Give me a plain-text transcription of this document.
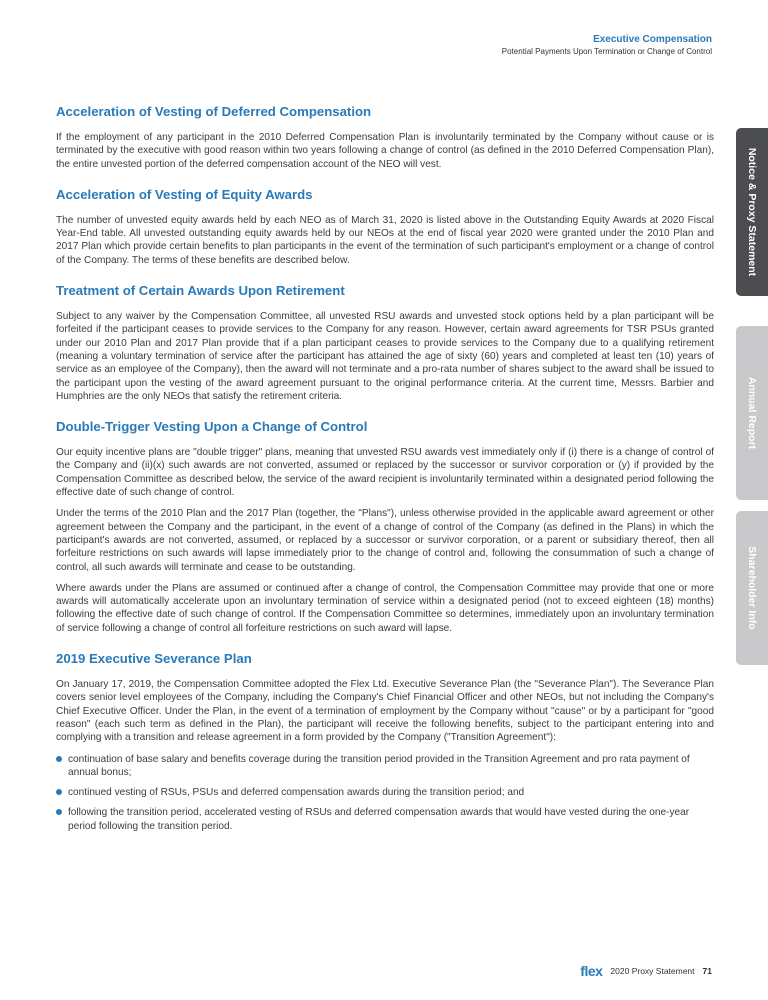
Executive Compensation
Potential Payments Upon Termination or Change of Control
Acceleration of Vesting of Deferred Compensation

If the employment of any participant in the 2010 Deferred Compensation Plan is involuntarily terminated by the Company without cause or is terminated by the executive with good reason within two years following a change of control (as defined in the 2010 Deferred Compensation Plan), the entire unvested portion of the deferred compensation account of the NEO will vest.

Acceleration of Vesting of Equity Awards

The number of unvested equity awards held by each NEO as of March 31, 2020 is listed above in the Outstanding Equity Awards at 2020 Fiscal Year-End table. All unvested outstanding equity awards held by our NEOs at the end of fiscal year 2020 were granted under the 2010 Plan and 2017 Plan which provide certain benefits to plan participants in the event of the termination of such participant's employment or a change of control of the Company. The terms of these benefits are described below.

Treatment of Certain Awards Upon Retirement

Subject to any waiver by the Compensation Committee, all unvested RSU awards and unvested stock options held by a plan participant will be forfeited if the participant ceases to provide services to the Company for any reason. However, certain award agreements for TSR PSUs granted under our 2010 Plan and 2017 Plan provide that if a plan participant ceases to provide services to the Company due to a qualifying retirement (meaning a voluntary termination of service after the participant has attained the age of sixty (60) years and completed at least ten (10) years of service as an employee of the Company), then the award will not terminate and a pro-rata number of shares subject to the award shall be issued to the participant upon the vesting of the award agreement pursuant to the original performance criteria. At the current time, Messrs. Barbier and Humphries are the only NEOs that satisfy the retirement criteria.

Double-Trigger Vesting Upon a Change of Control

Our equity incentive plans are "double trigger" plans, meaning that unvested RSU awards vest immediately only if (i) there is a change of control of the Company and (ii)(x) such awards are not converted, assumed or replaced by the successor or survivor corporation or (y) if provided by the Compensation Committee as described below, the service of the award recipient is involuntarily terminated within a designated period following the effective date of such change of control.

Under the terms of the 2010 Plan and the 2017 Plan (together, the "Plans"), unless otherwise provided in the applicable award agreement or other agreement between the Company and the participant, in the event of a change of control of the Company (as defined in the Plans) in which the participant's awards are not converted, assumed, or replaced by a successor or survivor corporation, or a parent or subsidiary thereof, then all forfeiture restrictions on such awards will lapse immediately prior to the change of control and, following the consummation of such a change of control, all such awards will terminate and cease to be outstanding.

Where awards under the Plans are assumed or continued after a change of control, the Compensation Committee may provide that one or more awards will automatically accelerate upon an involuntary termination of service within a designated period (not to exceed eighteen (18) months) following the effective date of such change of control. If the Compensation Committee so determines, immediately upon an involuntary termination of service following a change of control all forfeiture restrictions on such award will lapse.

2019 Executive Severance Plan

On January 17, 2019, the Compensation Committee adopted the Flex Ltd. Executive Severance Plan (the "Severance Plan"). The Severance Plan covers senior level employees of the Company, including the Company's Chief Financial Officer and other NEOs, but not including the Company's Chief Executive Officer. Under the Plan, in the event of a termination of employment by the Company without "cause" or by a participant for "good reason" (each such term as defined in the Plan), the participant will receive the following benefits, subject to the participant entering into and complying with a transition and release agreement in a form provided by the Company ("Transition Agreement"):

continuation of base salary and benefits coverage during the transition period provided in the Transition Agreement and pro rata payment of annual bonus;
continued vesting of RSUs, PSUs and deferred compensation awards during the transition period; and
following the transition period, accelerated vesting of RSUs and deferred compensation awards that would have vested during the one-year period following the transition period.
Notice & Proxy Statement
Annual Report
Shareholder Info
flex 2020 Proxy Statement 71
